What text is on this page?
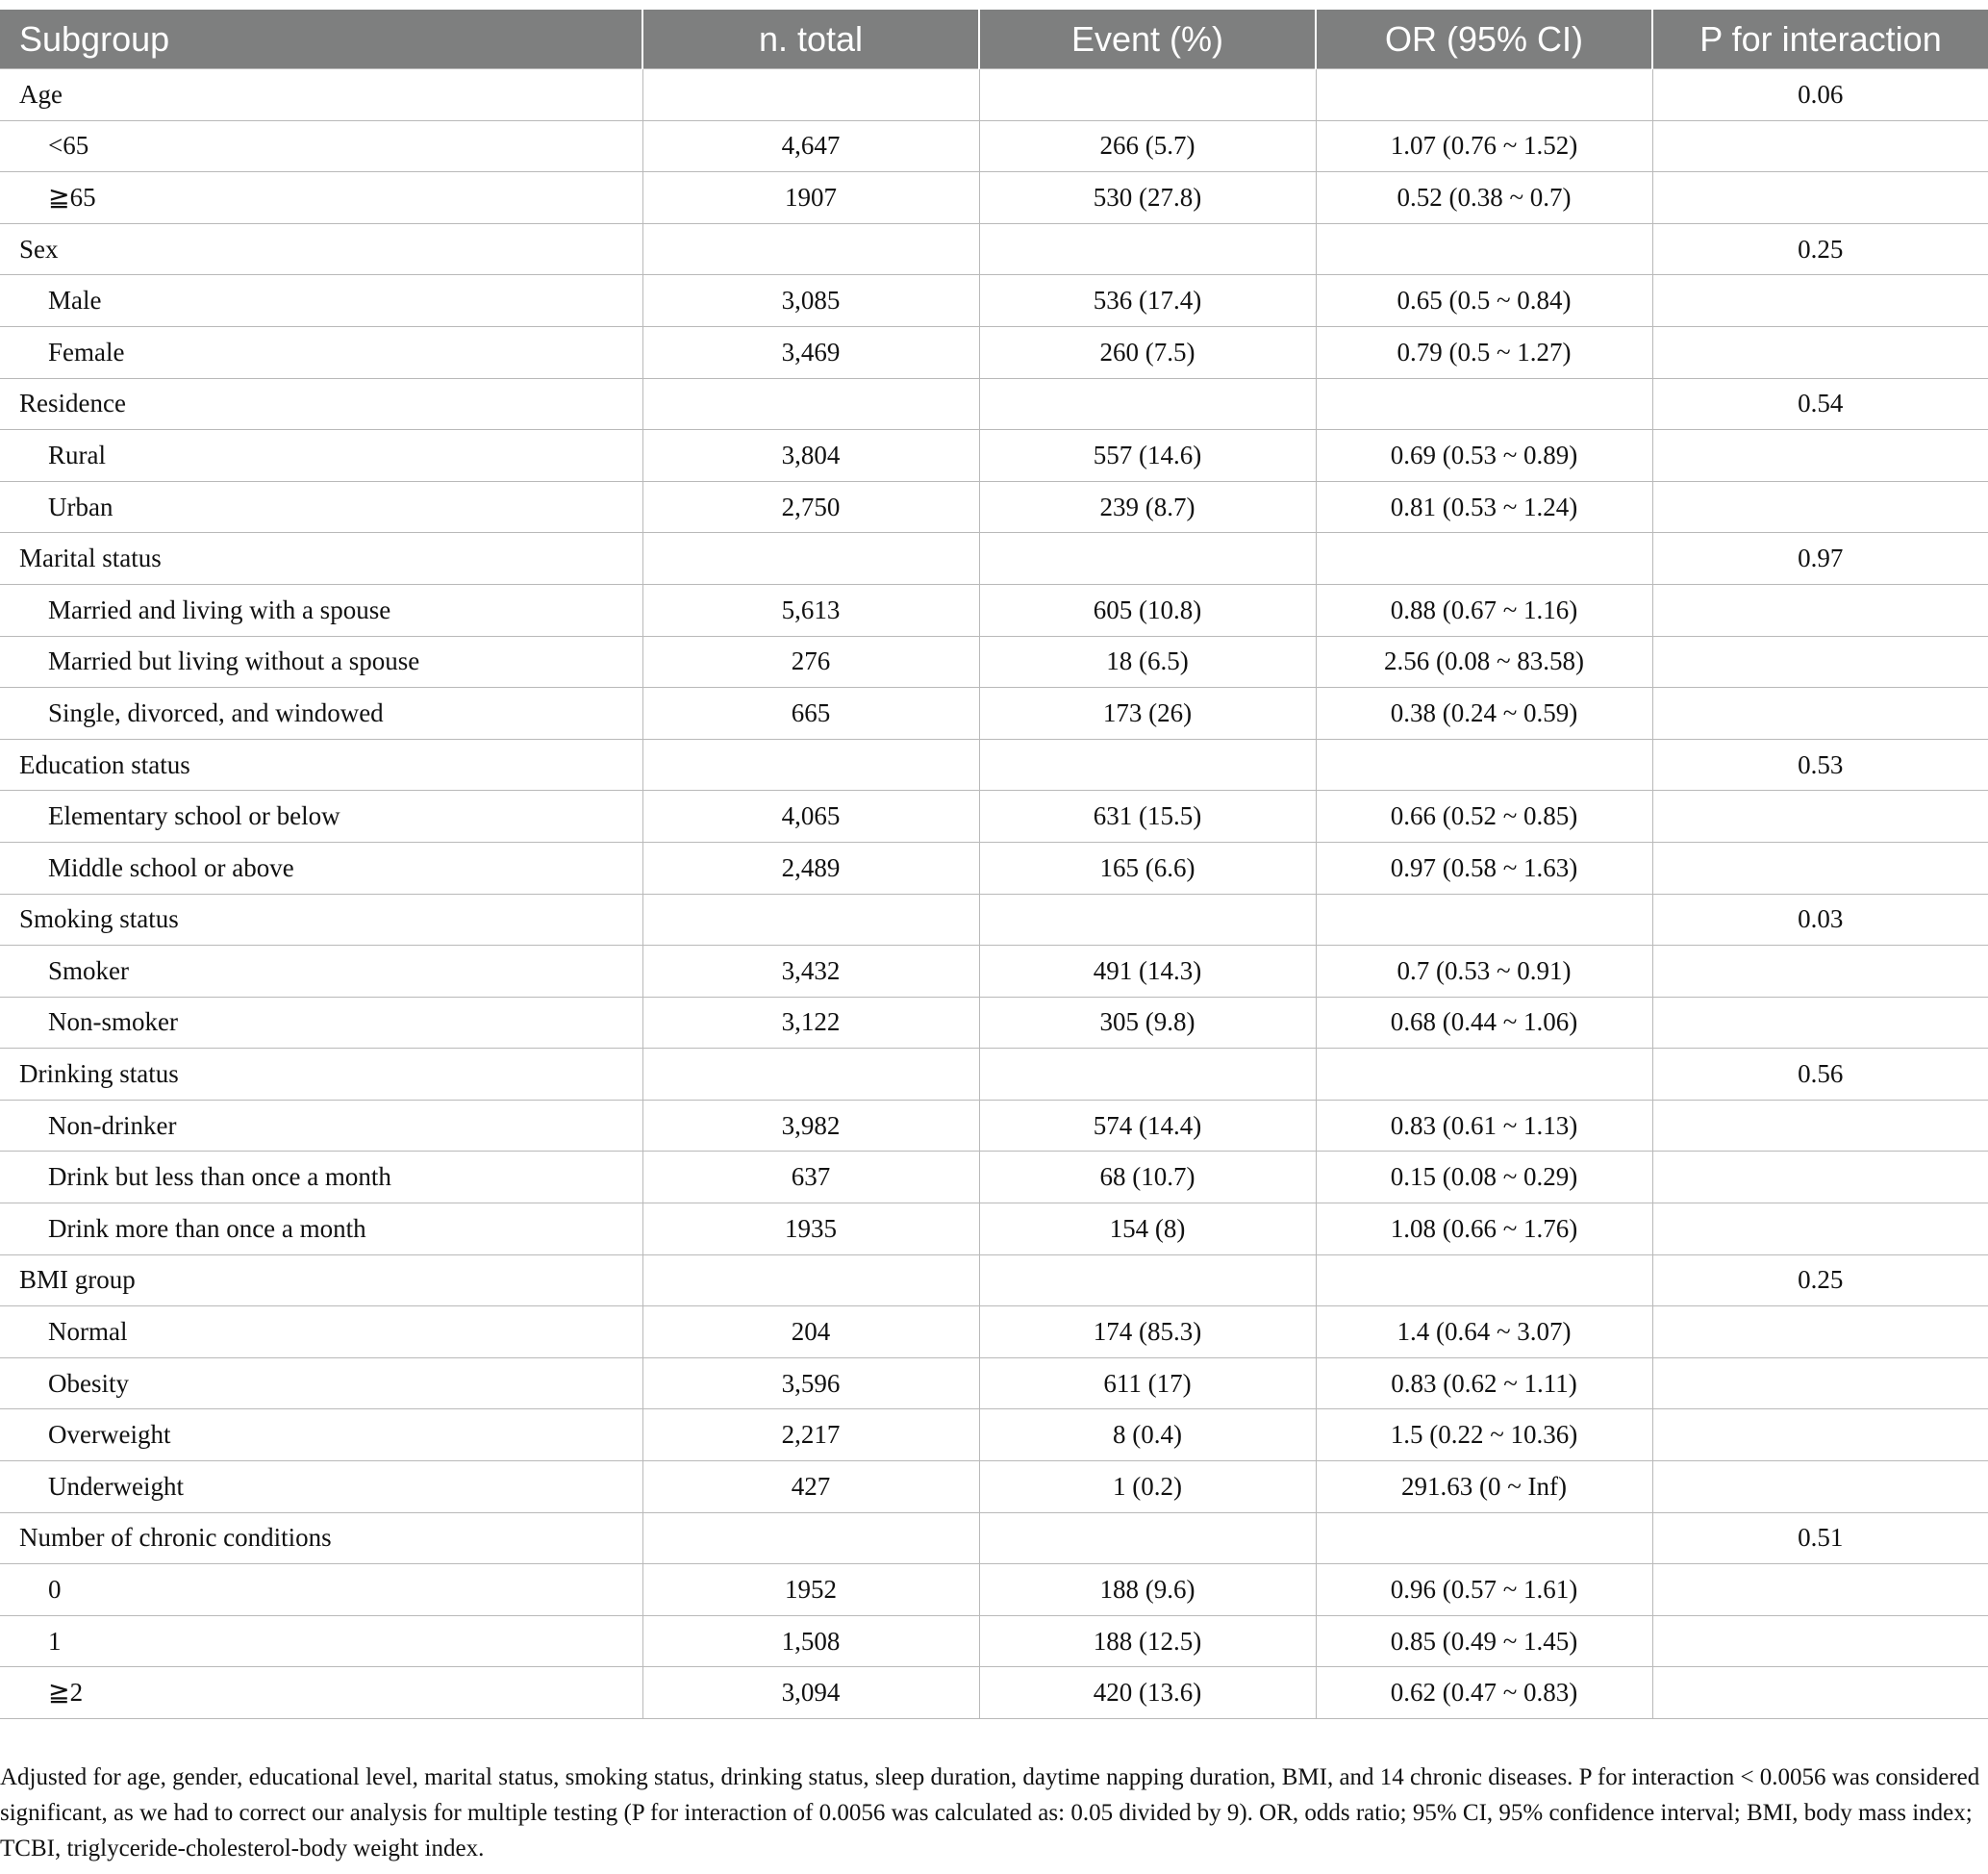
Subgroup	n. total	Event (%)	OR (95% CI)	P for interaction
Age				0.06
<65	4,647	266 (5.7)	1.07 (0.76 ~ 1.52)	
≧65	1907	530 (27.8)	0.52 (0.38 ~ 0.7)	
Sex				0.25
Male	3,085	536 (17.4)	0.65 (0.5 ~ 0.84)	
Female	3,469	260 (7.5)	0.79 (0.5 ~ 1.27)	
Residence				0.54
Rural	3,804	557 (14.6)	0.69 (0.53 ~ 0.89)	
Urban	2,750	239 (8.7)	0.81 (0.53 ~ 1.24)	
Marital status				0.97
Married and living with a spouse	5,613	605 (10.8)	0.88 (0.67 ~ 1.16)	
Married but living without a spouse	276	18 (6.5)	2.56 (0.08 ~ 83.58)	
Single, divorced, and windowed	665	173 (26)	0.38 (0.24 ~ 0.59)	
Education status				0.53
Elementary school or below	4,065	631 (15.5)	0.66 (0.52 ~ 0.85)	
Middle school or above	2,489	165 (6.6)	0.97 (0.58 ~ 1.63)	
Smoking status				0.03
Smoker	3,432	491 (14.3)	0.7 (0.53 ~ 0.91)	
Non-smoker	3,122	305 (9.8)	0.68 (0.44 ~ 1.06)	
Drinking status				0.56
Non-drinker	3,982	574 (14.4)	0.83 (0.61 ~ 1.13)	
Drink but less than once a month	637	68 (10.7)	0.15 (0.08 ~ 0.29)	
Drink more than once a month	1935	154 (8)	1.08 (0.66 ~ 1.76)	
BMI group				0.25
Normal	204	174 (85.3)	1.4 (0.64 ~ 3.07)	
Obesity	3,596	611 (17)	0.83 (0.62 ~ 1.11)	
Overweight	2,217	8 (0.4)	1.5 (0.22 ~ 10.36)	
Underweight	427	1 (0.2)	291.63 (0 ~ Inf)	
Number of chronic conditions				0.51
0	1952	188 (9.6)	0.96 (0.57 ~ 1.61)	
1	1,508	188 (12.5)	0.85 (0.49 ~ 1.45)	
≧2	3,094	420 (13.6)	0.62 (0.47 ~ 0.83)	
Adjusted for age, gender, educational level, marital status, smoking status, drinking status, sleep duration, daytime napping duration, BMI, and 14 chronic diseases. P for interaction < 0.0056 was considered significant, as we had to correct our analysis for multiple testing (P for interaction of 0.0056 was calculated as: 0.05 divided by 9). OR, odds ratio; 95% CI, 95% confidence interval; BMI, body mass index; TCBI, triglyceride-cholesterol-body weight index.
